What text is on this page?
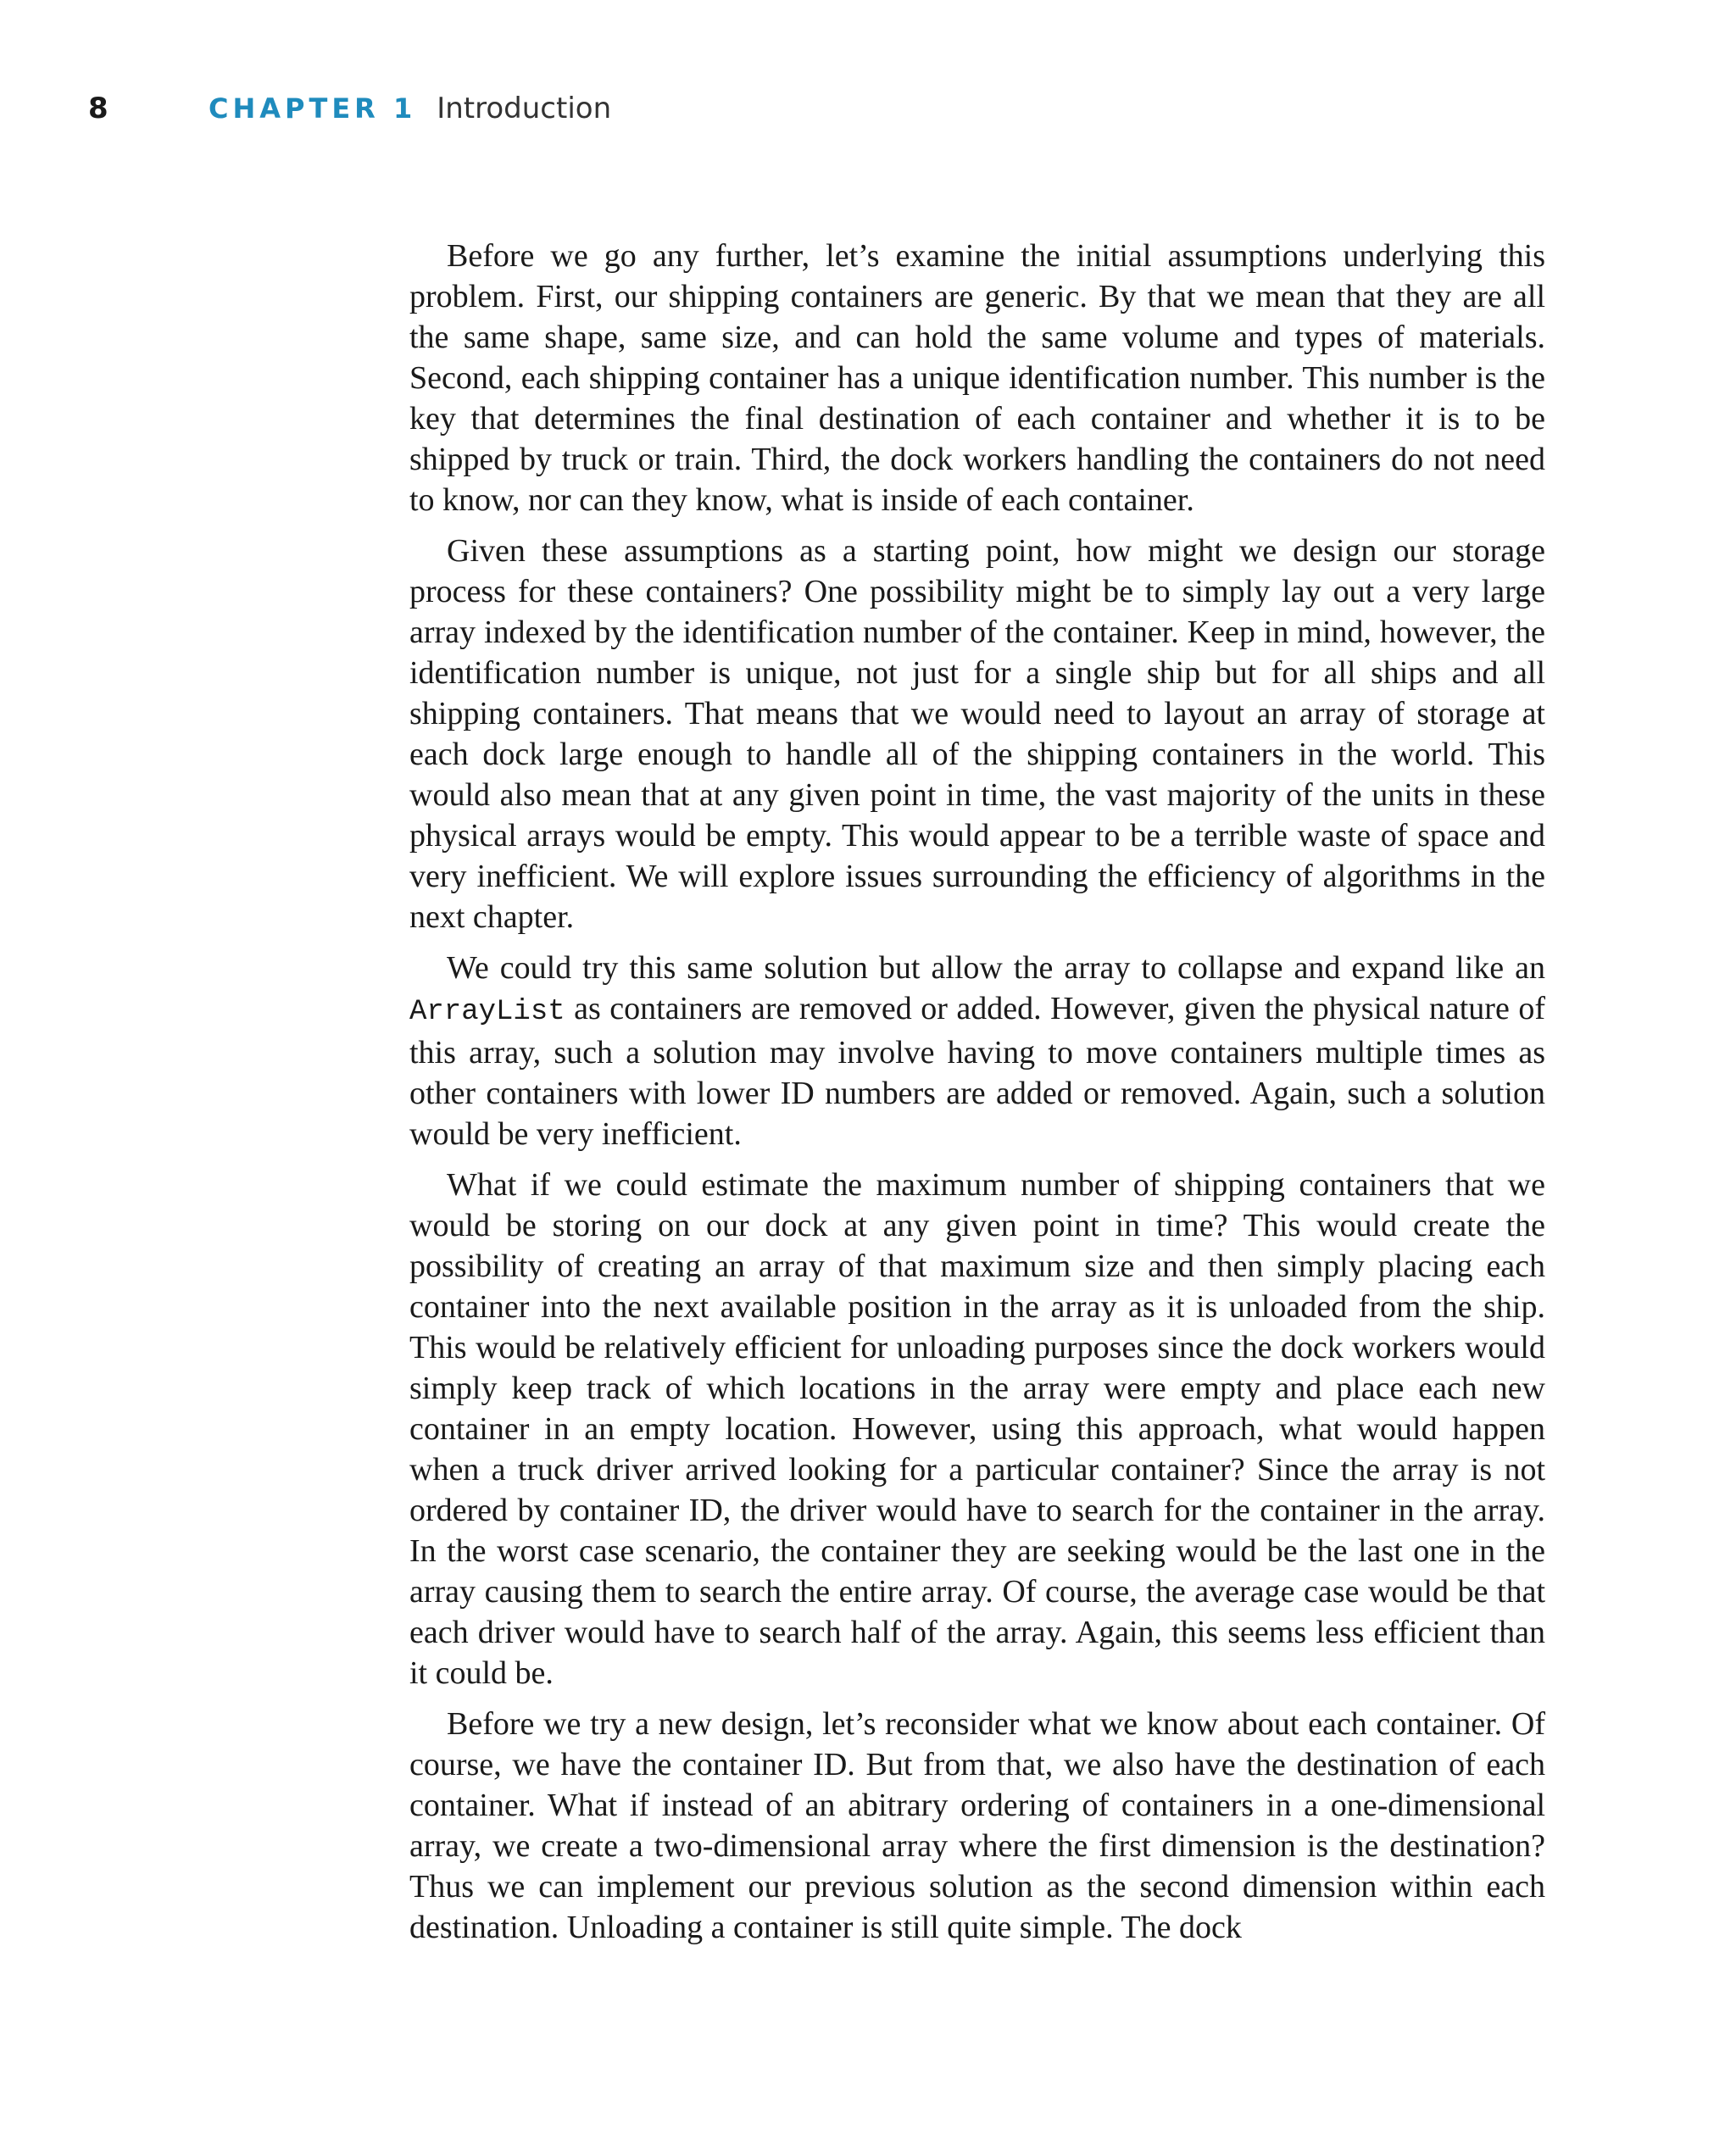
8	CHAPTER 1 Introduction

Before we go any further, let’s examine the initial assumptions underlying this problem. First, our shipping containers are generic. By that we mean that they are all the same shape, same size, and can hold the same volume and types of materials. Second, each shipping container has a unique identification number. This number is the key that determines the final destination of each container and whether it is to be shipped by truck or train. Third, the dock workers handling the containers do not need to know, nor can they know, what is inside of each container.

Given these assumptions as a starting point, how might we design our storage process for these containers? One possibility might be to simply lay out a very large array indexed by the identification number of the container. Keep in mind, however, the identification number is unique, not just for a single ship but for all ships and all shipping containers. That means that we would need to layout an array of storage at each dock large enough to handle all of the shipping containers in the world. This would also mean that at any given point in time, the vast majority of the units in these physical arrays would be empty. This would appear to be a terrible waste of space and very inefficient. We will explore issues surrounding the efficiency of algorithms in the next chapter.

We could try this same solution but allow the array to collapse and expand like an ArrayList as containers are removed or added. However, given the physical nature of this array, such a solution may involve having to move containers multiple times as other containers with lower ID numbers are added or removed. Again, such a solution would be very inefficient.

What if we could estimate the maximum number of shipping containers that we would be storing on our dock at any given point in time? This would create the possibility of creating an array of that maximum size and then simply placing each container into the next available position in the array as it is unloaded from the ship. This would be relatively efficient for unloading purposes since the dock workers would simply keep track of which locations in the array were empty and place each new container in an empty location. However, using this approach, what would happen when a truck driver arrived looking for a particular container? Since the array is not ordered by container ID, the driver would have to search for the container in the array. In the worst case scenario, the container they are seeking would be the last one in the array causing them to search the entire array. Of course, the average case would be that each driver would have to search half of the array. Again, this seems less efficient than it could be.

Before we try a new design, let’s reconsider what we know about each container. Of course, we have the container ID. But from that, we also have the destination of each container. What if instead of an abitrary ordering of containers in a one-dimensional array, we create a two-dimensional array where the first dimension is the destination? Thus we can implement our previous solution as the second dimension within each destination. Unloading a container is still quite simple. The dock
